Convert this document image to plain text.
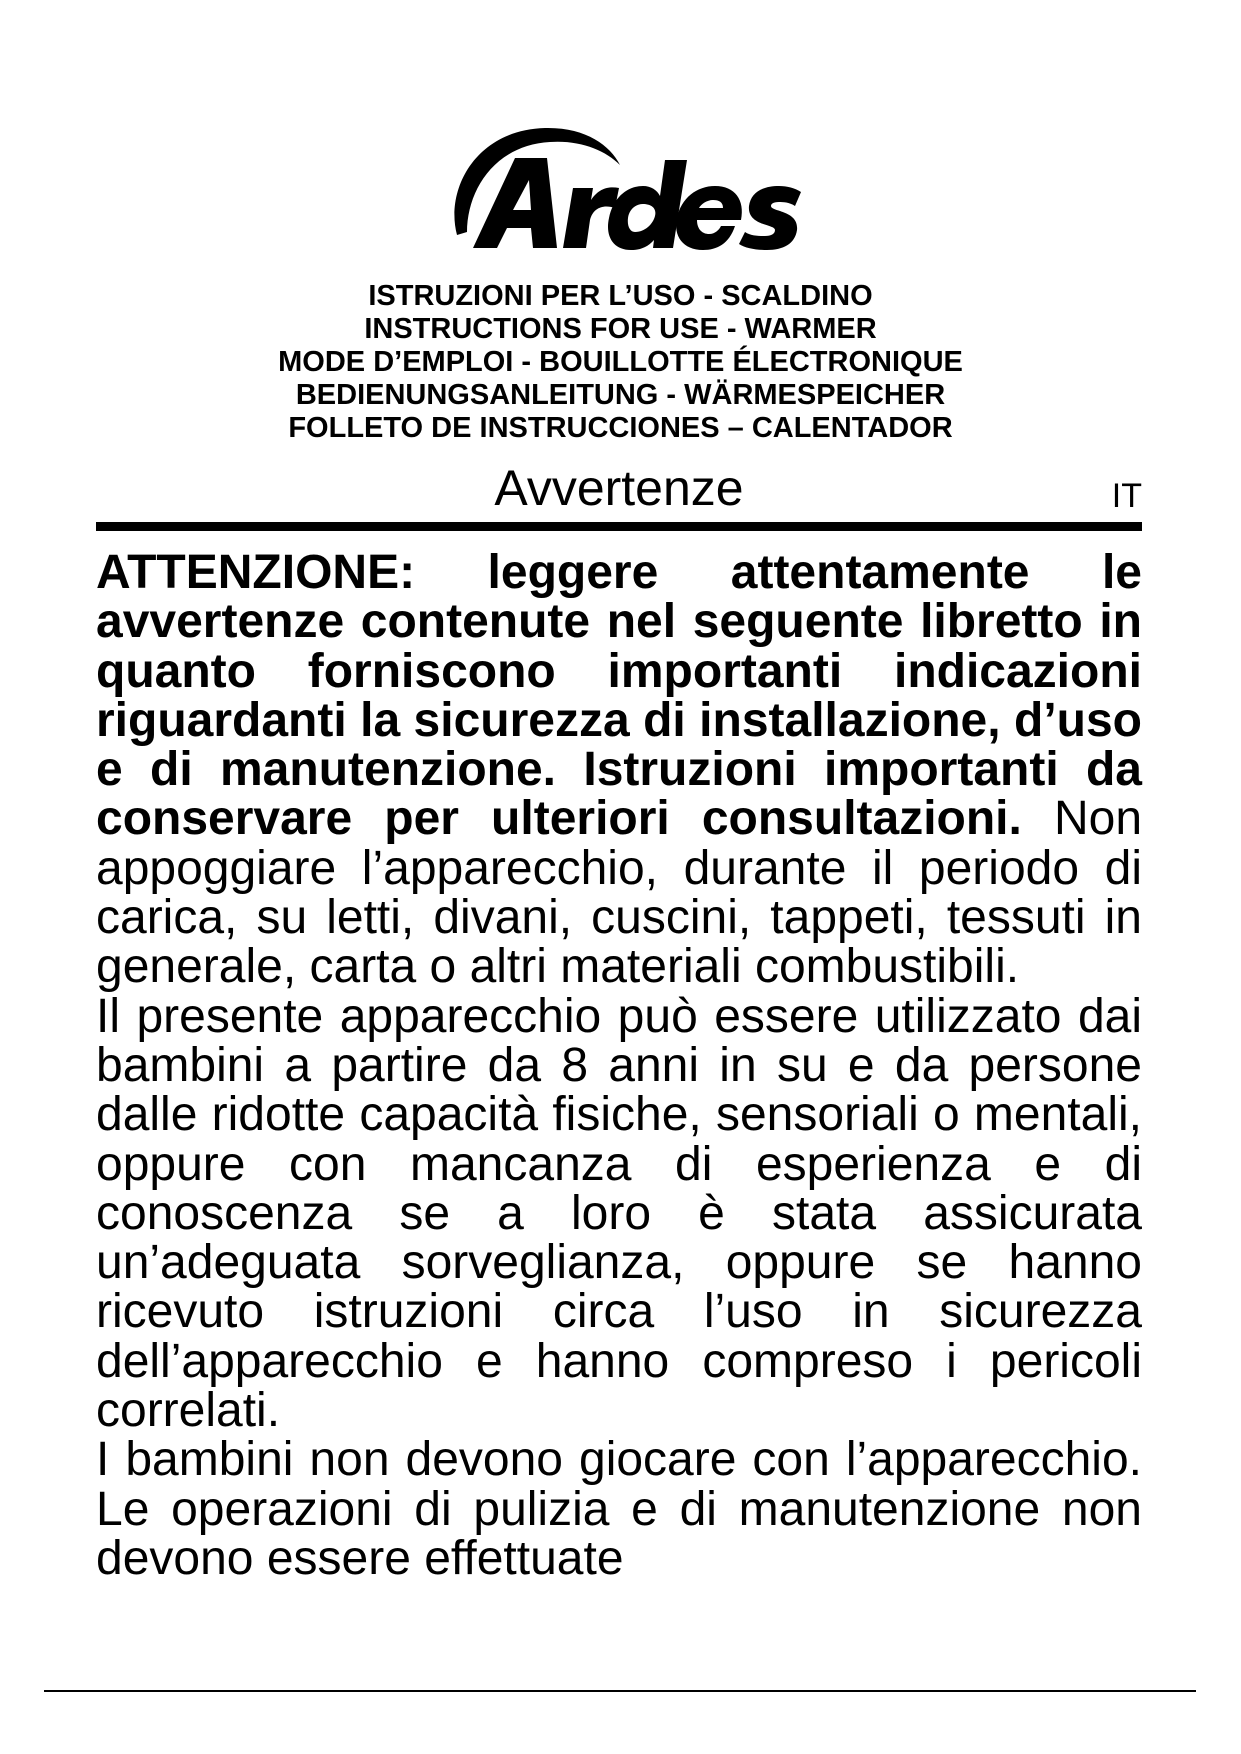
ISTRUZIONI PER L’USO - SCALDINO
INSTRUCTIONS FOR USE - WARMER
MODE D’EMPLOI - BOUILLOTTE ÉLECTRONIQUE
BEDIENUNGSANLEITUNG - WÄRMESPEICHER
FOLLETO DE INSTRUCCIONES – CALENTADOR
Avvertenze	IT

ATTENZIONE: leggere attentamente le avvertenze contenute nel seguente libretto in quanto forniscono importanti indicazioni riguardanti la sicurezza di installazione, d’uso e di manutenzione. Istruzioni importanti da conservare per ulteriori consultazioni. Non appoggiare l’apparecchio, durante il periodo di carica, su letti, divani, cuscini, tappeti, tessuti in generale, carta o altri materiali combustibili.

Il presente apparecchio può essere utilizzato dai bambini a partire da 8 anni in su e da persone dalle ridotte capacità fisiche, sensoriali o mentali, oppure con mancanza di esperienza e di conoscenza se a loro è stata assicurata un’adeguata sorveglianza, oppure se hanno ricevuto istruzioni circa l’uso in sicurezza dell’apparecchio e hanno compreso i pericoli correlati.

I bambini non devono giocare con l’apparecchio. Le operazioni di pulizia e di manutenzione non devono essere effettuate
